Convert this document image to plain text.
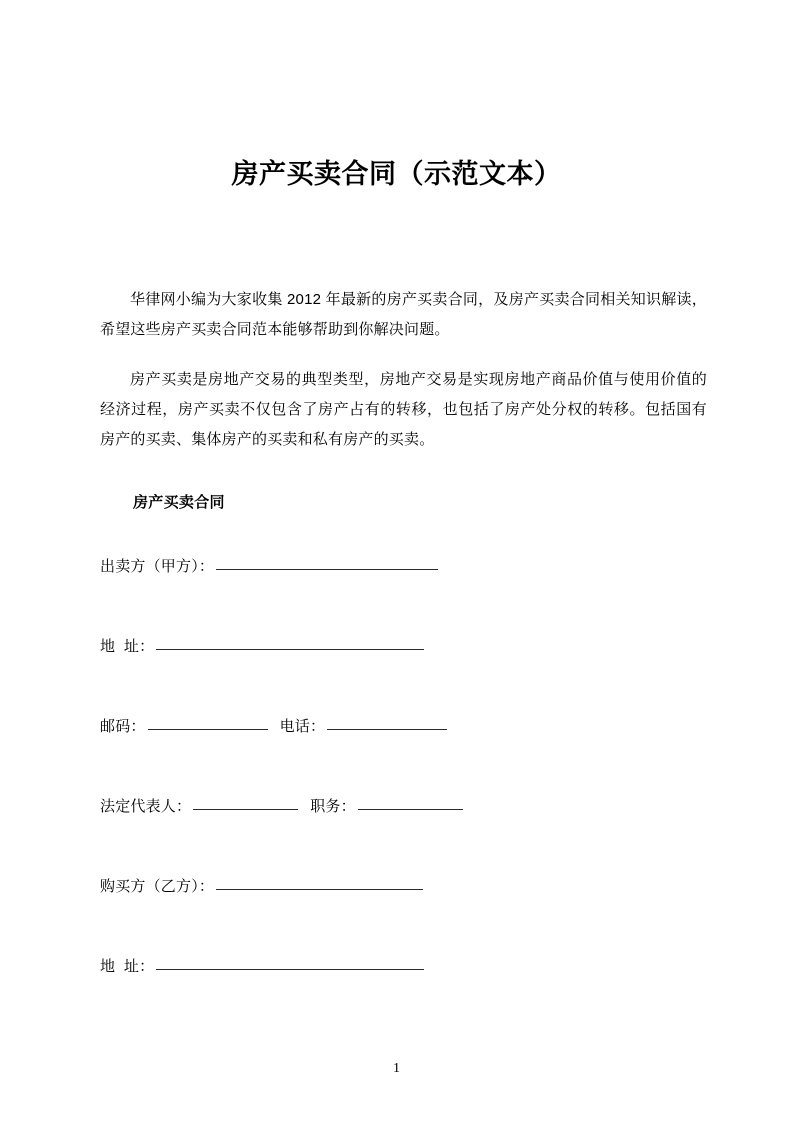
房产买卖合同（示范文本）

华律网小编为大家收集 2012 年最新的房产买卖合同，及房产买卖合同相关知识解读，希望这些房产买卖合同范本能够帮助到你解决问题。

房产买卖是房地产交易的典型类型，房地产交易是实现房地产商品价值与使用价值的经济过程，房产买卖不仅包含了房产占有的转移，也包括了房产处分权的转移。包括国有房产的买卖、集体房产的买卖和私有房产的买卖。

房产买卖合同
出卖方（甲方）：
地  址：
邮码：	电话：
法定代表人：	职务：
购买方（乙方）：
地  址：
1
